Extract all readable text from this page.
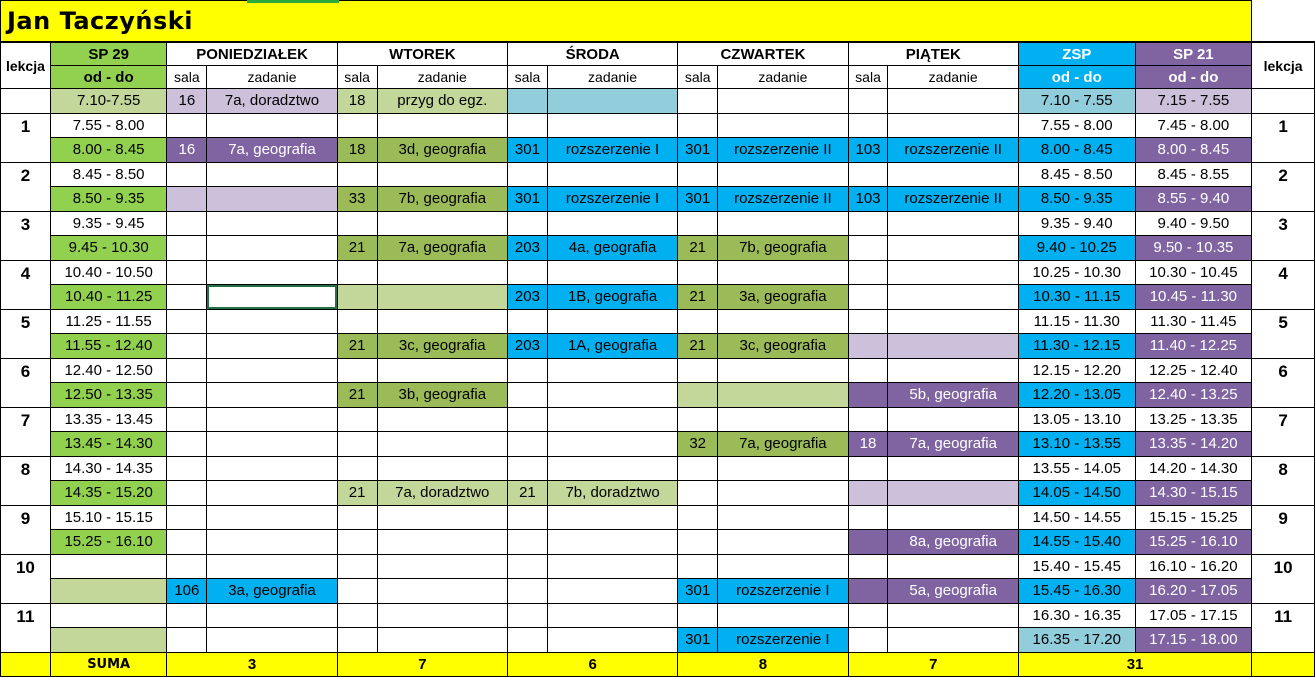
Jan Taczyński
lekcja	SP 29	PONIEDZIAŁEK		WTOREK		ŚRODA		CZWARTEK		PIĄTEK		ZSP	SP 21	lekcja
	od - do	sala	zadanie	sala	zadanie	sala	zadanie	sala	zadanie	sala	zadanie	od - do	od - do	
	7.10-7.55	16	7a, doradztwo	18	przyg do egz.							7.10 - 7.55	7.15 - 7.55	
1	7.55 - 8.00											7.55 - 8.00	7.45 - 8.00	1
	8.00 - 8.45	16	7a, geografia	18	3d, geografia	301	rozszerzenie I	301	rozszerzenie II	103	rozszerzenie II	8.00 - 8.45	8.00 - 8.45	
2	8.45 - 8.50											8.45 - 8.50	8.45 - 8.55	2
	8.50 - 9.35			33	7b, geografia	301	rozszerzenie I	301	rozszerzenie II	103	rozszerzenie II	8.50 - 9.35	8.55 - 9.40	
3	9.35 - 9.45											9.35 - 9.40	9.40 - 9.50	3
	9.45 - 10.30			21	7a, geografia	203	4a, geografia	21	7b, geografia			9.40 - 10.25	9.50 - 10.35	
4	10.40 - 10.50											10.25 - 10.30	10.30 - 10.45	4
	10.40 - 11.25					203	1B, geografia	21	3a, geografia			10.30 - 11.15	10.45 - 11.30	
5	11.25 - 11.55											11.15 - 11.30	11.30 - 11.45	5
	11.55 - 12.40			21	3c, geografia	203	1A, geografia	21	3c, geografia			11.30 - 12.15	11.40 - 12.25	
6	12.40 - 12.50											12.15 - 12.20	12.25 - 12.40	6
	12.50 - 13.35			21	3b, geografia						5b, geografia	12.20 - 13.05	12.40 - 13.25	
7	13.35 - 13.45											13.05 - 13.10	13.25 - 13.35	7
	13.45 - 14.30							32	7a, geografia	18	7a, geografia	13.10 - 13.55	13.35 - 14.20	
8	14.30 - 14.35											13.55 - 14.05	14.20 - 14.30	8
	14.35 - 15.20			21	7a, doradztwo	21	7b, doradztwo					14.05 - 14.50	14.30 - 15.15	
9	15.10 - 15.15											14.50 - 14.55	15.15 - 15.25	9
	15.25 - 16.10										8a, geografia	14.55 - 15.40	15.25 - 16.10	
10												15.40 - 15.45	16.10 - 16.20	10
		106	3a, geografia					301	rozszerzenie I		5a, geografia	15.45 - 16.30	16.20 - 17.05	
11												16.30 - 16.35	17.05 - 17.15	11
								301	rozszerzenie I			16.35 - 17.20	17.15 - 18.00	
	SUMA	3		7		6		8		7		31		
